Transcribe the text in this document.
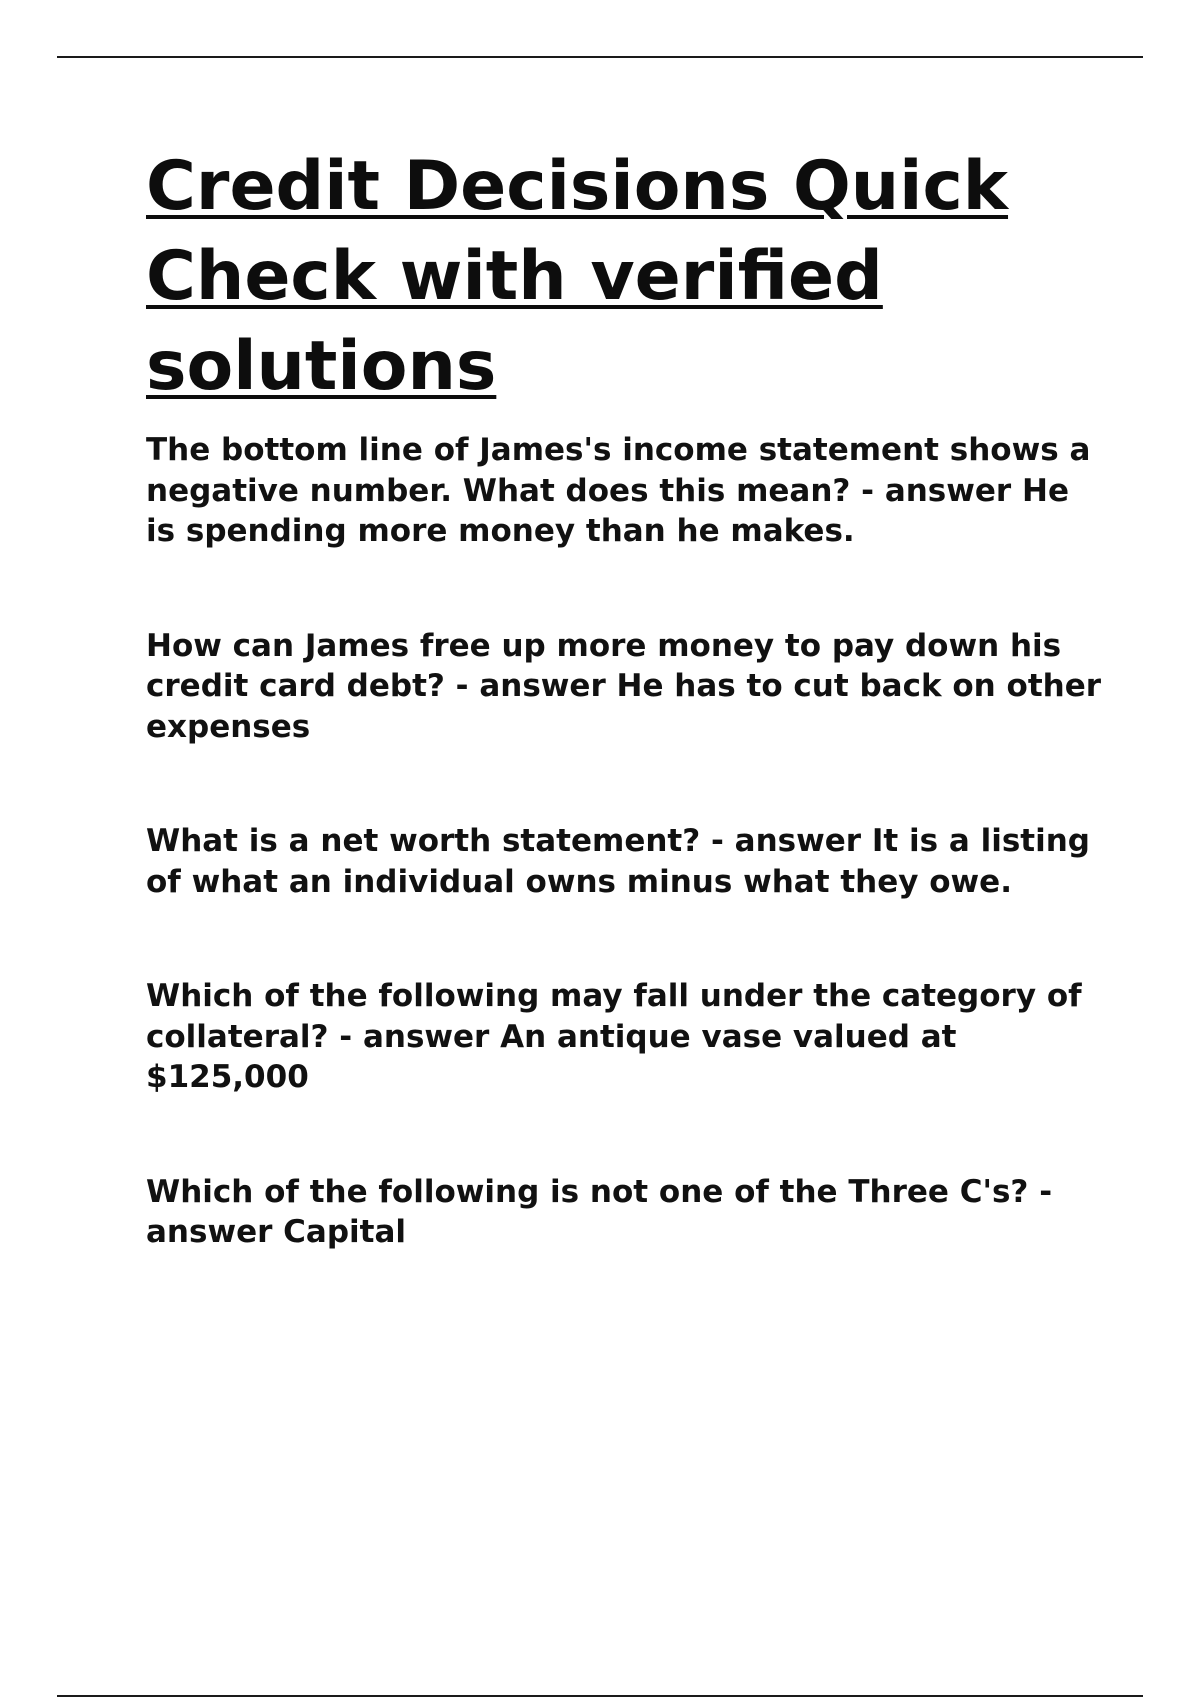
Credit Decisions Quick Check with verified solutions
The bottom line of James's income statement shows a negative number. What does this mean? - answer He is spending more money than he makes.
How can James free up more money to pay down his credit card debt? - answer He has to cut back on other expenses
What is a net worth statement? - answer It is a listing of what an individual owns minus what they owe.
Which of the following may fall under the category of collateral? - answer An antique vase valued at $125,000
Which of the following is not one of the Three C's? - answer Capital
